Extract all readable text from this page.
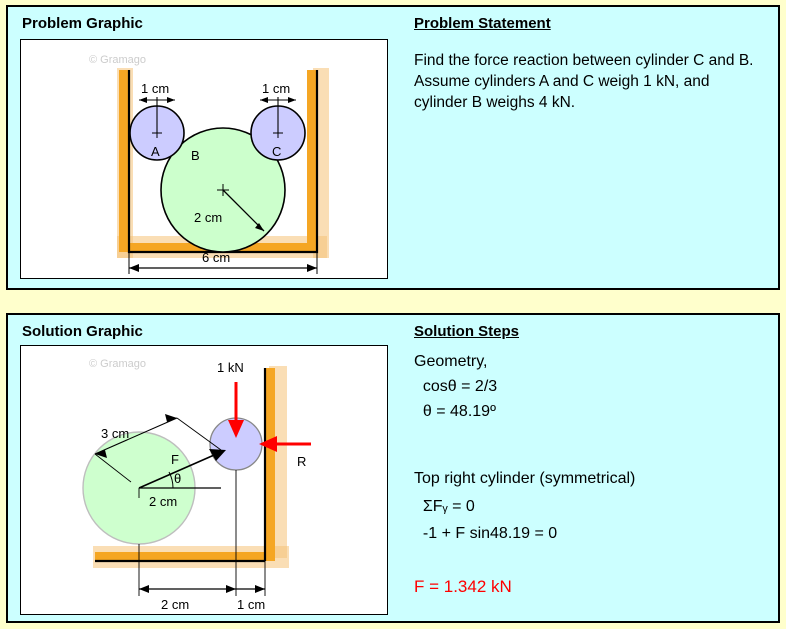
Problem Graphic	Problem Statement
© Gramago
2 cm
B
A
1 cm
C
1 cm
6 cm
Find the force reaction between cylinder C and B. Assume cylinders A and C weigh 1 kN, and cylinder B weighs 4 kN.
Solution Graphic	Solution Steps
© Gramago	1 kN
R
F
θ
2 cm
3 cm
2 cm	1 cm
Geometry,
cosθ = 2/3
θ = 48.19º
Top right cylinder (symmetrical)
ΣFᵧ = 0
-1 + F sin48.19 = 0
F = 1.342 kN
